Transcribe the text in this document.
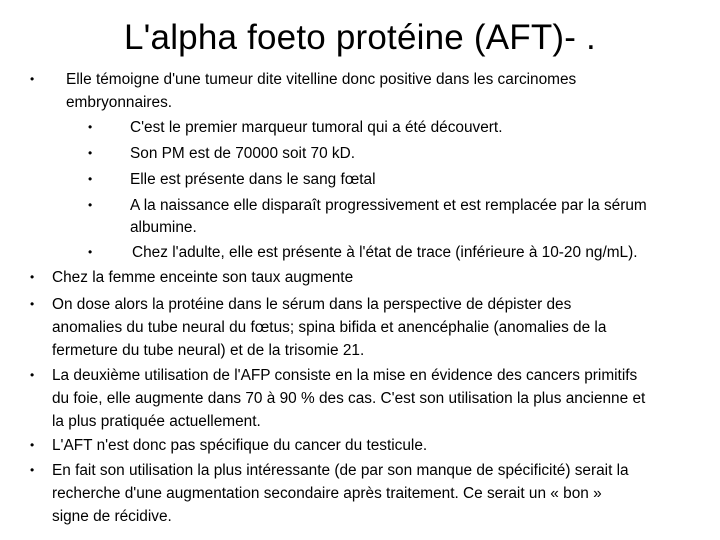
L'alpha foeto protéine (AFT)- .
• Elle témoigne d'une tumeur dite vitelline donc positive dans les carcinomes
embryonnaires.
• C'est le premier marqueur tumoral qui a été découvert.
• Son PM est de 70000 soit 70 kD.
• Elle est présente dans le sang fœtal
• A la naissance elle disparaît progressivement et est remplacée par la sérum
albumine.
•	Chez l'adulte, elle est présente à l'état de trace (inférieure à 10-20 ng/mL).
• Chez la femme enceinte son taux augmente
• On dose alors la protéine dans le sérum dans la perspective de dépister des
anomalies du tube neural du fœtus; spina bifida et anencéphalie (anomalies de la
fermeture du tube neural) et de la trisomie 21.
• La deuxième utilisation de l'AFP consiste en la mise en évidence des cancers primitifs
du foie, elle augmente dans 70 à 90 % des cas. C'est son utilisation la plus ancienne et
la plus pratiquée actuellement.
• L'AFT n'est donc pas spécifique du cancer du testicule.
• En fait son utilisation la plus intéressante (de par son manque de spécificité) serait la
recherche d'une augmentation secondaire après traitement. Ce serait un « bon »
signe de récidive.
